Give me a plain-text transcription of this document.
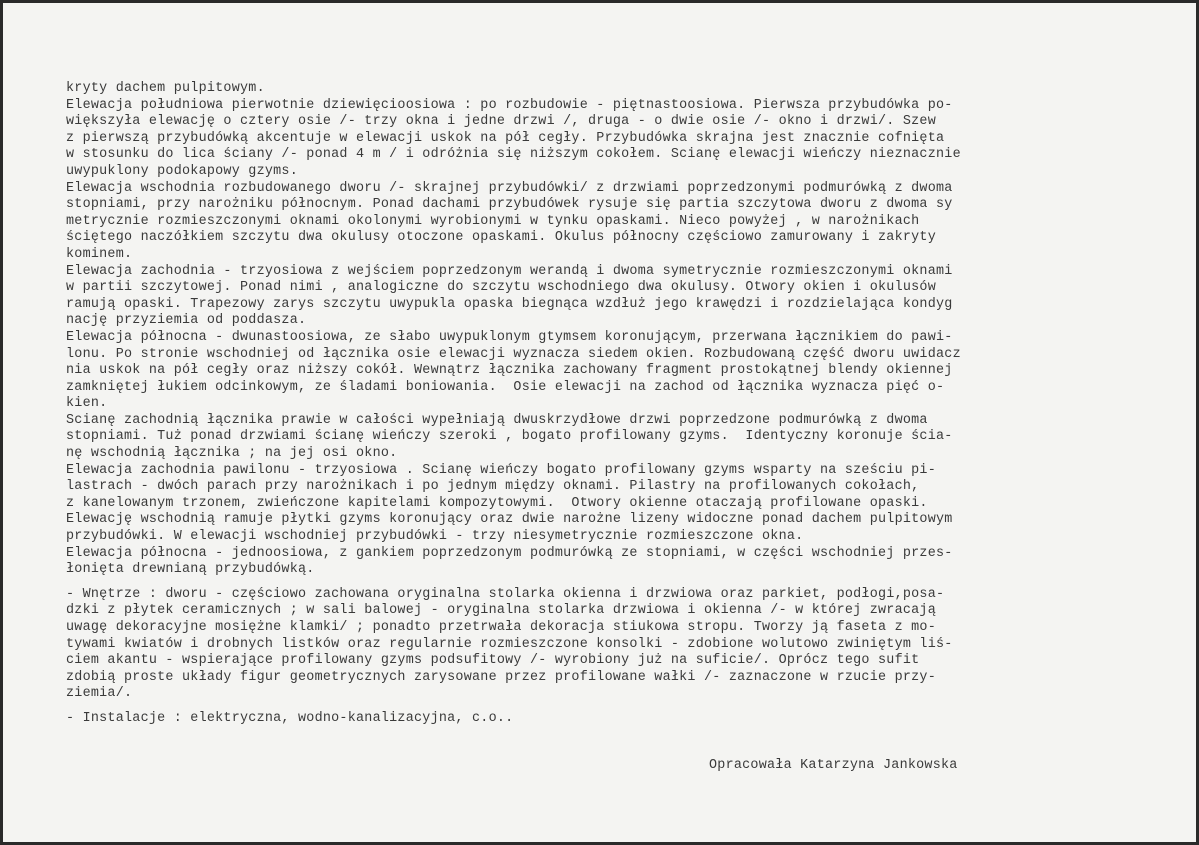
kryty dachem pulpitowym.
Elewacja południowa pierwotnie dziewięcioosiowa : po rozbudowie - piętnastoosiowa. Pierwsza przybudówka po-
większyła elewację o cztery osie /- trzy okna i jedne drzwi /, druga - o dwie osie /- okno i drzwi/. Szew
z pierwszą przybudówką akcentuje w elewacji uskok na pół cegły. Przybudówka skrajna jest znacznie cofnięta
w stosunku do lica ściany /- ponad 4 m / i odróżnia się niższym cokołem. Scianę elewacji wieńczy nieznacznie
uwypuklony podokapowy gzyms.
Elewacja wschodnia rozbudowanego dworu /- skrajnej przybudówki/ z drzwiami poprzedzonymi podmurówką z dwoma
stopniami, przy narożniku północnym. Ponad dachami przybudówek rysuje się partia szczytowa dworu z dwoma sy
metrycznie rozmieszczonymi oknami okolonymi wyrobionymi w tynku opaskami. Nieco powyżej , w narożnikach
ściętego naczółkiem szczytu dwa okulusy otoczone opaskami. Okulus północny częściowo zamurowany i zakryty
kominem.
Elewacja zachodnia - trzyosiowa z wejściem poprzedzonym werandą i dwoma symetrycznie rozmieszczonymi oknami
w partii szczytowej. Ponad nimi , analogiczne do szczytu wschodniego dwa okulusy. Otwory okien i okulusów
ramują opaski. Trapezowy zarys szczytu uwypukla opaska biegnąca wzdłuż jego krawędzi i rozdzielająca kondyg
nację przyziemia od poddasza.
Elewacja północna - dwunastoosiowa, ze słabo uwypuklonym gtymsem koronującym, przerwana łącznikiem do pawi-
lonu. Po stronie wschodniej od łącznika osie elewacji wyznacza siedem okien. Rozbudowaną część dworu uwidacz
nia uskok na pół cegły oraz niższy cokół. Wewnątrz łącznika zachowany fragment prostokątnej blendy okiennej
zamkniętej łukiem odcinkowym, ze śladami boniowania.  Osie elewacji na zachod od łącznika wyznacza pięć o-
kien.
Scianę zachodnią łącznika prawie w całości wypełniają dwuskrzydłowe drzwi poprzedzone podmurówką z dwoma
stopniami. Tuż ponad drzwiami ścianę wieńczy szeroki , bogato profilowany gzyms.  Identyczny koronuje ścia-
nę wschodnią łącznika ; na jej osi okno.
Elewacja zachodnia pawilonu - trzyosiowa . Scianę wieńczy bogato profilowany gzyms wsparty na sześciu pi-
lastrach - dwóch parach przy narożnikach i po jednym między oknami. Pilastry na profilowanych cokołach,
z kanelowanym trzonem, zwieńczone kapitelami kompozytowymi.  Otwory okienne otaczają profilowane opaski.
Elewację wschodnią ramuje płytki gzyms koronujący oraz dwie narożne lizeny widoczne ponad dachem pulpitowym
przybudówki. W elewacji wschodniej przybudówki - trzy niesymetrycznie rozmieszczone okna.
Elewacja północna - jednoosiowa, z gankiem poprzedzonym podmurówką ze stopniami, w części wschodniej przes-
łonięta drewnianą przybudówką.
- Wnętrze : dworu - częściowo zachowana oryginalna stolarka okienna i drzwiowa oraz parkiet, podłogi,posa-
dzki z płytek ceramicznych ; w sali balowej - oryginalna stolarka drzwiowa i okienna /- w której zwracają
uwagę dekoracyjne mosiężne klamki/ ; ponadto przetrwała dekoracja stiukowa stropu. Tworzy ją faseta z mo-
tywami kwiatów i drobnych listków oraz regularnie rozmieszczone konsolki - zdobione wolutowo zwiniętym liś-
ciem akantu - wspierające profilowany gzyms podsufitowy /- wyrobiony już na suficie/. Oprócz tego sufit
zdobią proste układy figur geometrycznych zarysowane przez profilowane wałki /- zaznaczone w rzucie przy-
ziemia/.
- Instalacje : elektryczna, wodno-kanalizacyjna, c.o..
Opracowała Katarzyna Jankowska
